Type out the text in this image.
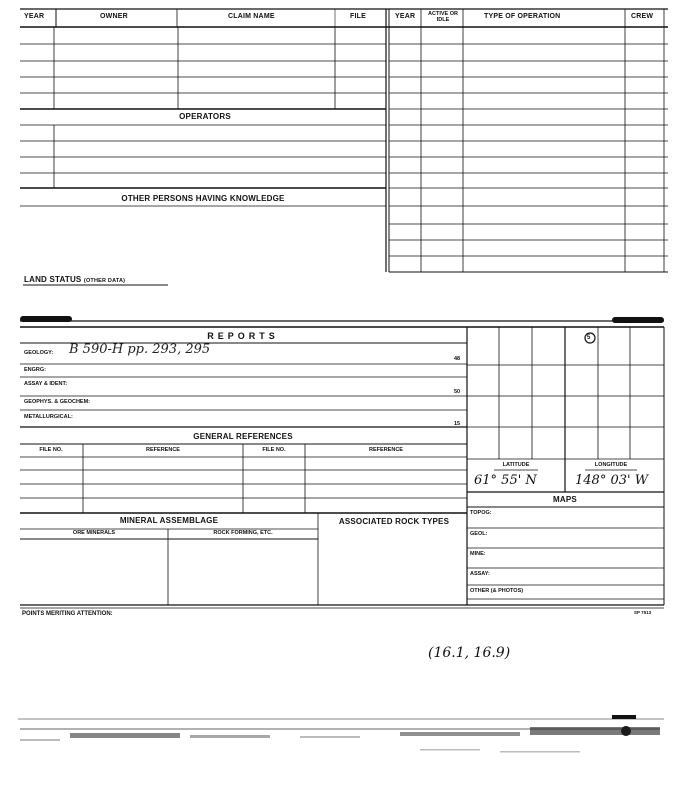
YEAR	OWNER	CLAIM NAME	FILE	YEAR	ACTIVE OR IDLE	TYPE OF OPERATION	CREW
OPERATORS
OTHER PERSONS HAVING KNOWLEDGE
LAND STATUS (OTHER DATA)
REPORTS
GEOLOGY: B 590-H pp. 293, 295
48
ENGRG:
ASSAY & IDENT:
50
GEOPHYS. & GEOCHEM:
METALLURGICAL:
15
GENERAL REFERENCES
FILE NO.	REFERENCE	FILE NO.	REFERENCE
MINERAL ASSEMBLAGE
ORE MINERALS	ROCK FORMING, ETC.
ASSOCIATED ROCK TYPES
5
LATITUDE	LONGITUDE
61° 55' N	148° 03' W
MAPS
TOPOG:
GEOL:
MINE:
ASSAY:
OTHER (& PHOTOS)
POINTS MERITING ATTENTION:	SP 7513
(16.1, 16.9)
